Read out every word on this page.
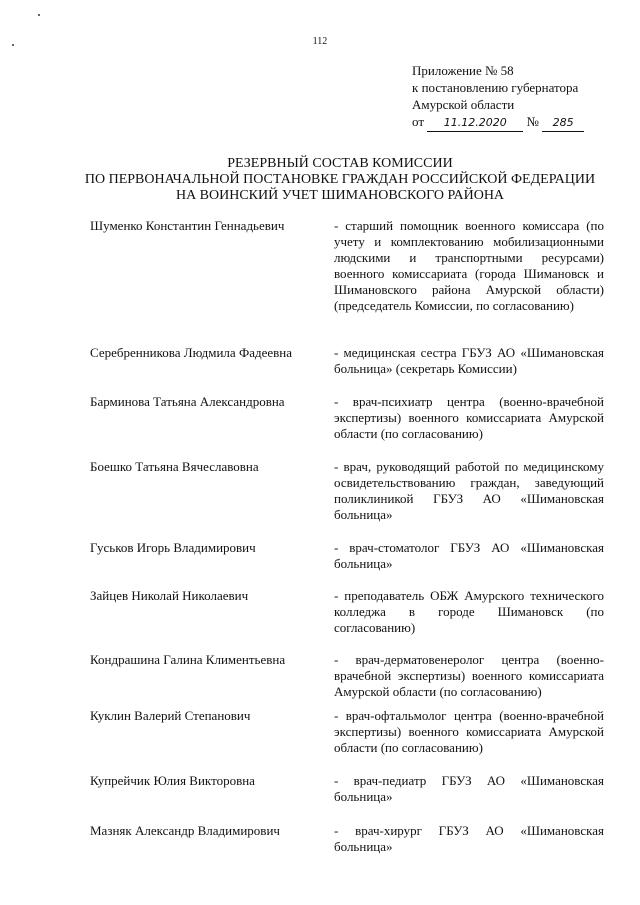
112
Приложение № 58
к постановлению губернатора
Амурской области
от 11.12.2020 № 285
РЕЗЕРВНЫЙ СОСТАВ КОМИССИИ
ПО ПЕРВОНАЧАЛЬНОЙ ПОСТАНОВКЕ ГРАЖДАН РОССИЙСКОЙ ФЕДЕРАЦИИ
НА ВОИНСКИЙ УЧЕТ ШИМАНОВСКОГО РАЙОНА
Шуменко Константин Геннадьевич	- старший помощник военного комиссара (по учету и комплектованию мобилизационными людскими и транспортными ресурсами) военного комиссариата (города Шимановск и Шимановского района Амурской области) (председатель Комиссии, по согласованию)
Серебренникова Людмила Фадеевна	- медицинская сестра ГБУЗ АО «Шимановская больница» (секретарь Комиссии)
Барминова Татьяна Александровна	- врач-психиатр центра (военно-врачебной экспертизы) военного комиссариата Амурской области (по согласованию)
Боешко Татьяна Вячеславовна	- врач, руководящий работой по медицинскому освидетельствованию граждан, заведующий поликлиникой ГБУЗ АО «Шимановская больница»
Гуськов Игорь Владимирович	- врач-стоматолог ГБУЗ АО «Шимановская больница»
Зайцев Николай Николаевич	- преподаватель ОБЖ Амурского технического колледжа в городе Шимановск (по согласованию)
Кондрашина Галина Климентьевна	- врач-дерматовенеролог центра (военно-врачебной экспертизы) военного комиссариата Амурской области (по согласованию)
Куклин Валерий Степанович	- врач-офтальмолог центра (военно-врачебной экспертизы) военного комиссариата Амурской области (по согласованию)
Купрейчик Юлия Викторовна	- врач-педиатр ГБУЗ АО «Шимановская больница»
Мазняк Александр Владимирович	- врач-хирург ГБУЗ АО «Шимановская больница»
